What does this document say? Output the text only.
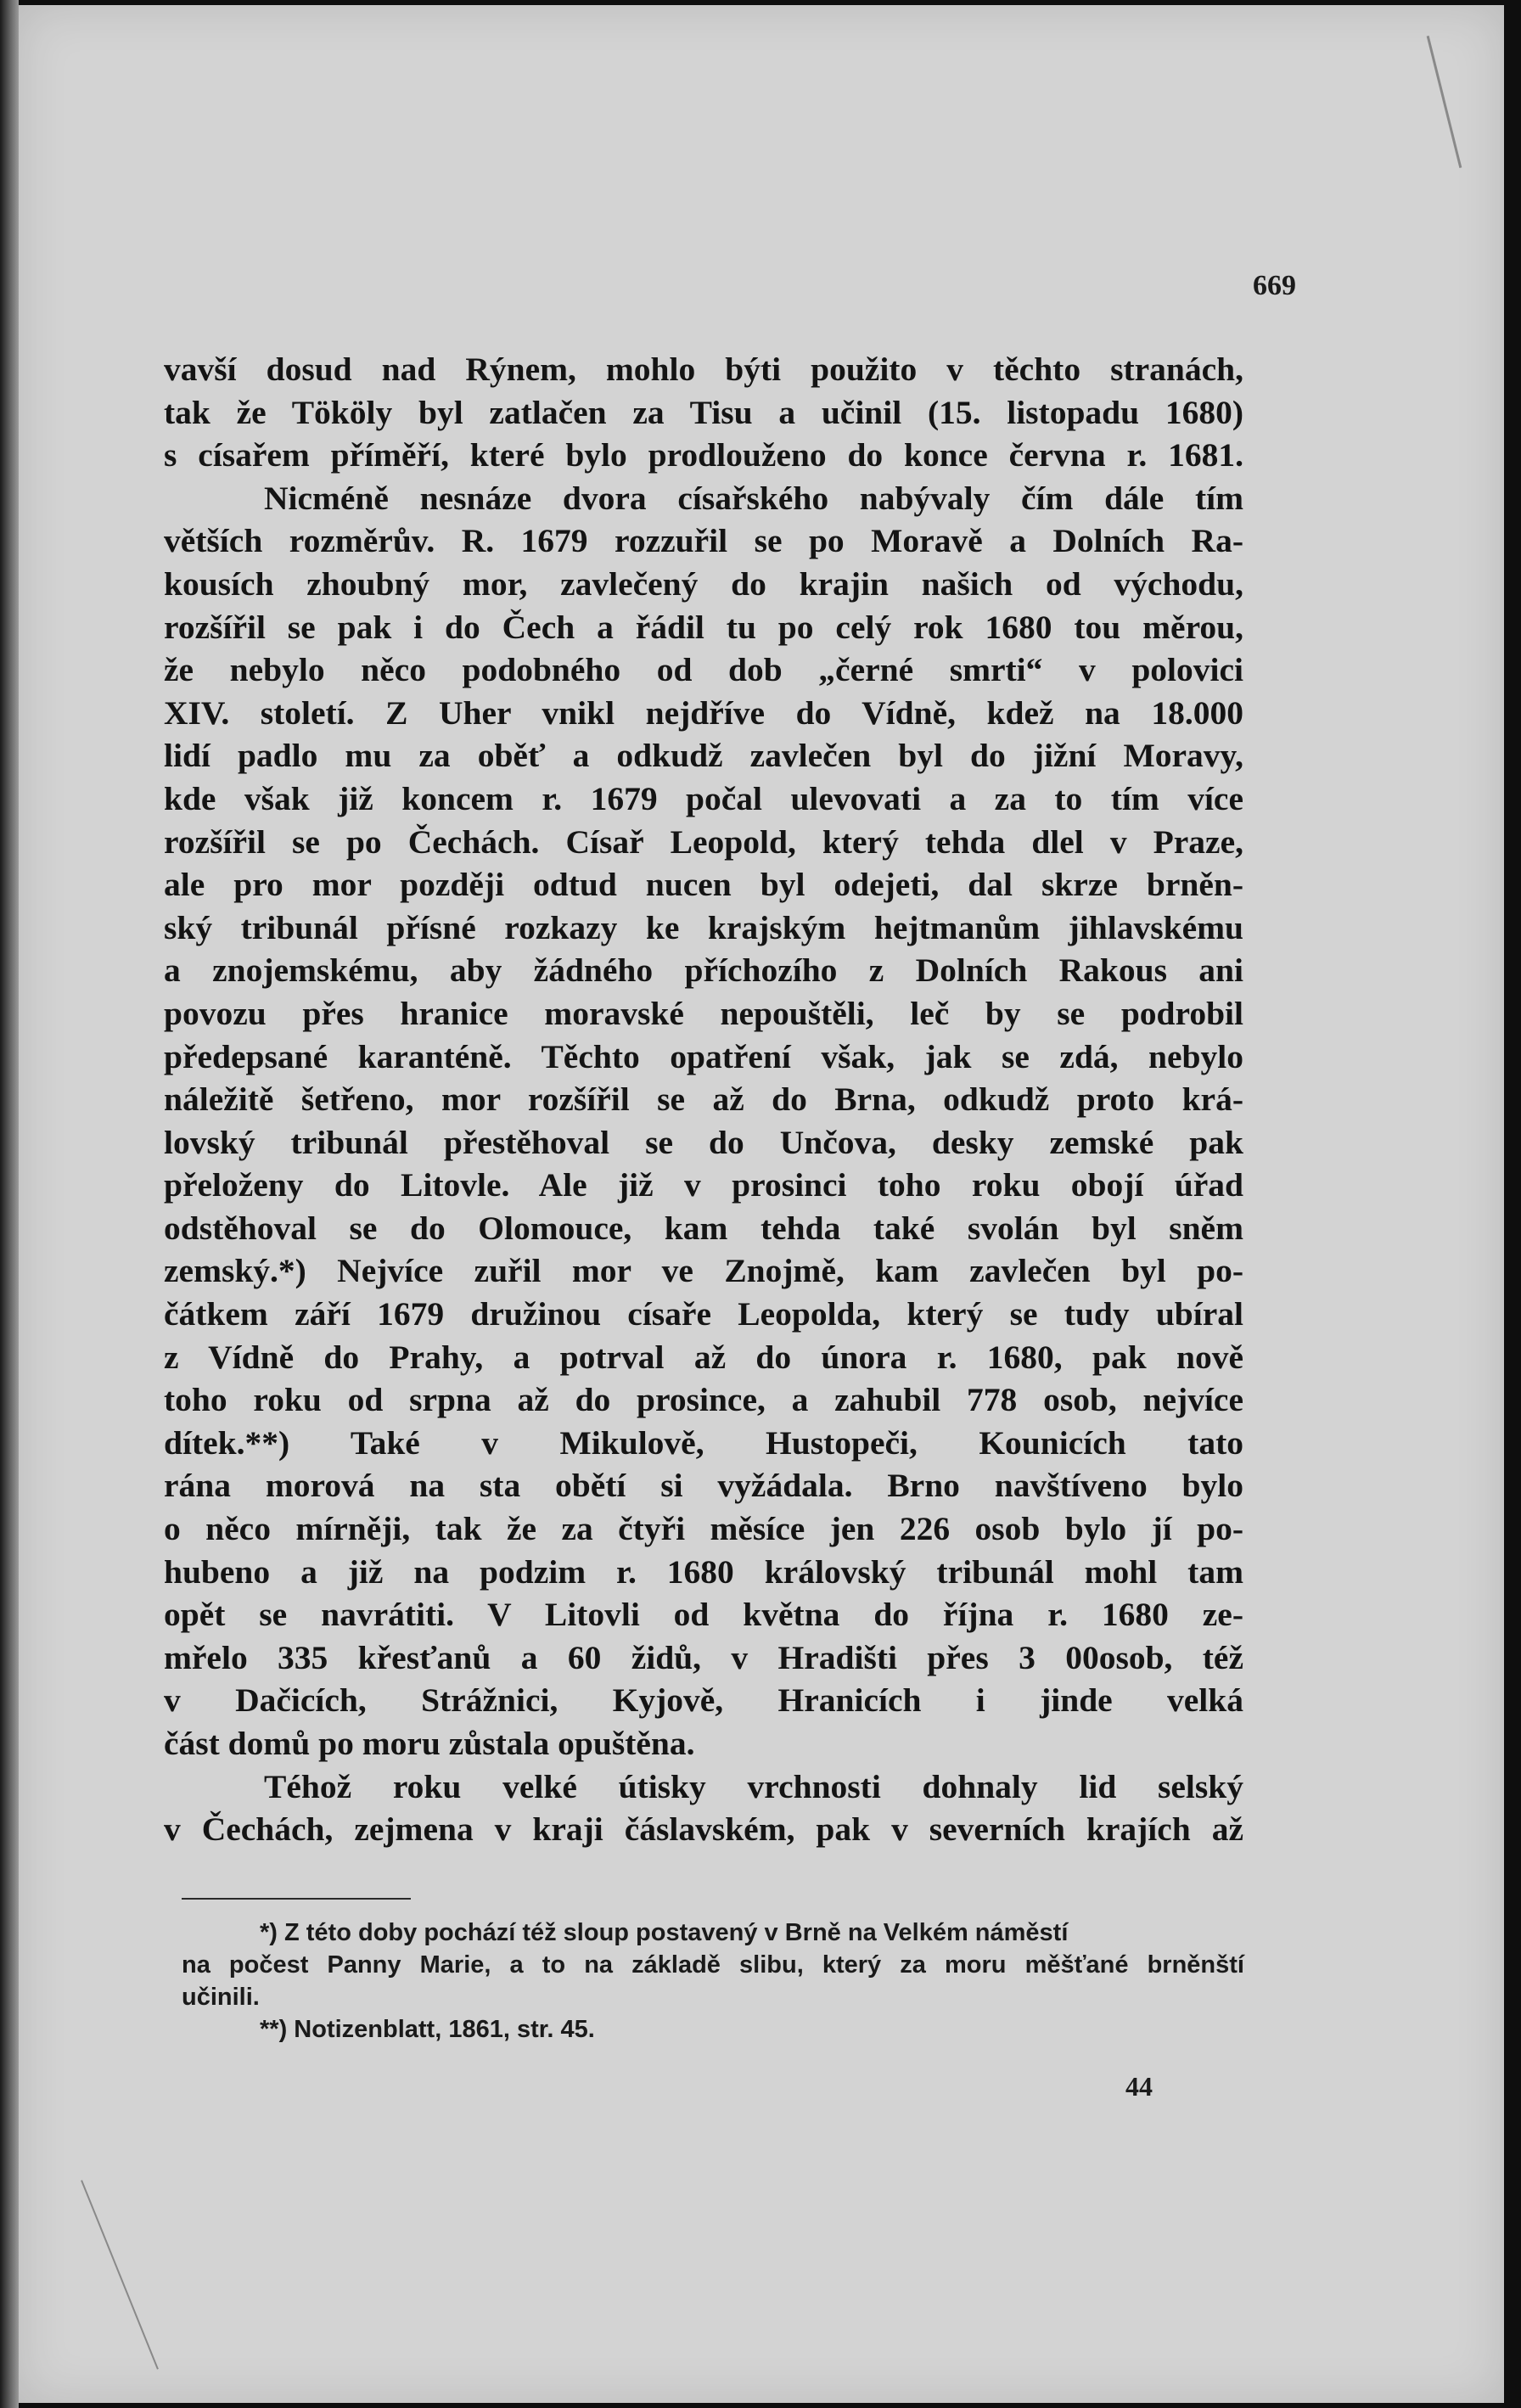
669
vavší dosud nad Rýnem, mohlo býti použito v těchto stranách,
tak že Tököly byl zatlačen za Tisu a učinil (15. listopadu 1680)
s císařem příměří, které bylo prodlouženo do konce června r. 1681.
Nicméně nesnáze dvora císařského nabývaly čím dále tím
větších rozměrův. R. 1679 rozzuřil se po Moravě a Dolních Ra-
kousích zhoubný mor, zavlečený do krajin našich od východu,
rozšířil se pak i do Čech a řádil tu po celý rok 1680 tou měrou,
že nebylo něco podobného od dob „černé smrti“ v polovici
XIV. století. Z Uher vnikl nejdříve do Vídně, kdež na 18.000
lidí padlo mu za oběť a odkudž zavlečen byl do jižní Moravy,
kde však již koncem r. 1679 počal ulevovati a za to tím více
rozšířil se po Čechách. Císař Leopold, který tehda dlel v Praze,
ale pro mor později odtud nucen byl odejeti, dal skrze brněn-
ský tribunál přísné rozkazy ke krajským hejtmanům jihlavskému
a znojemskému, aby žádného příchozího z Dolních Rakous ani
povozu přes hranice moravské nepouštěli, leč by se podrobil
předepsané karanténě. Těchto opatření však, jak se zdá, nebylo
náležitě šetřeno, mor rozšířil se až do Brna, odkudž proto krá-
lovský tribunál přestěhoval se do Unčova, desky zemské pak
přeloženy do Litovle. Ale již v prosinci toho roku obojí úřad
odstěhoval se do Olomouce, kam tehda také svolán byl sněm
zemský.*) Nejvíce zuřil mor ve Znojmě, kam zavlečen byl po-
čátkem září 1679 družinou císaře Leopolda, který se tudy ubíral
z Vídně do Prahy, a potrval až do února r. 1680, pak nově
toho roku od srpna až do prosince, a zahubil 778 osob, nejvíce
dítek.**) Také v Mikulově, Hustopeči, Kounicích tato
rána morová na sta obětí si vyžádala. Brno navštíveno bylo
o něco mírněji, tak že za čtyři měsíce jen 226 osob bylo jí po-
hubeno a již na podzim r. 1680 královský tribunál mohl tam
opět se navrátiti. V Litovli od května do října r. 1680 ze-
mřelo 335 křesťanů a 60 židů, v Hradišti přes 3 00osob, též
v Dačicích, Strážnici, Kyjově, Hranicích i jinde velká
část domů po moru zůstala opuštěna.
Téhož roku velké útisky vrchnosti dohnaly lid selský
v Čechách, zejmena v kraji čáslavském, pak v severních krajích až
*) Z této doby pochází též sloup postavený v Brně na Velkém náměstí
na počest Panny Marie, a to na základě slibu, který za moru měšťané brněnští
učinili.
**) Notizenblatt, 1861, str. 45.
44
